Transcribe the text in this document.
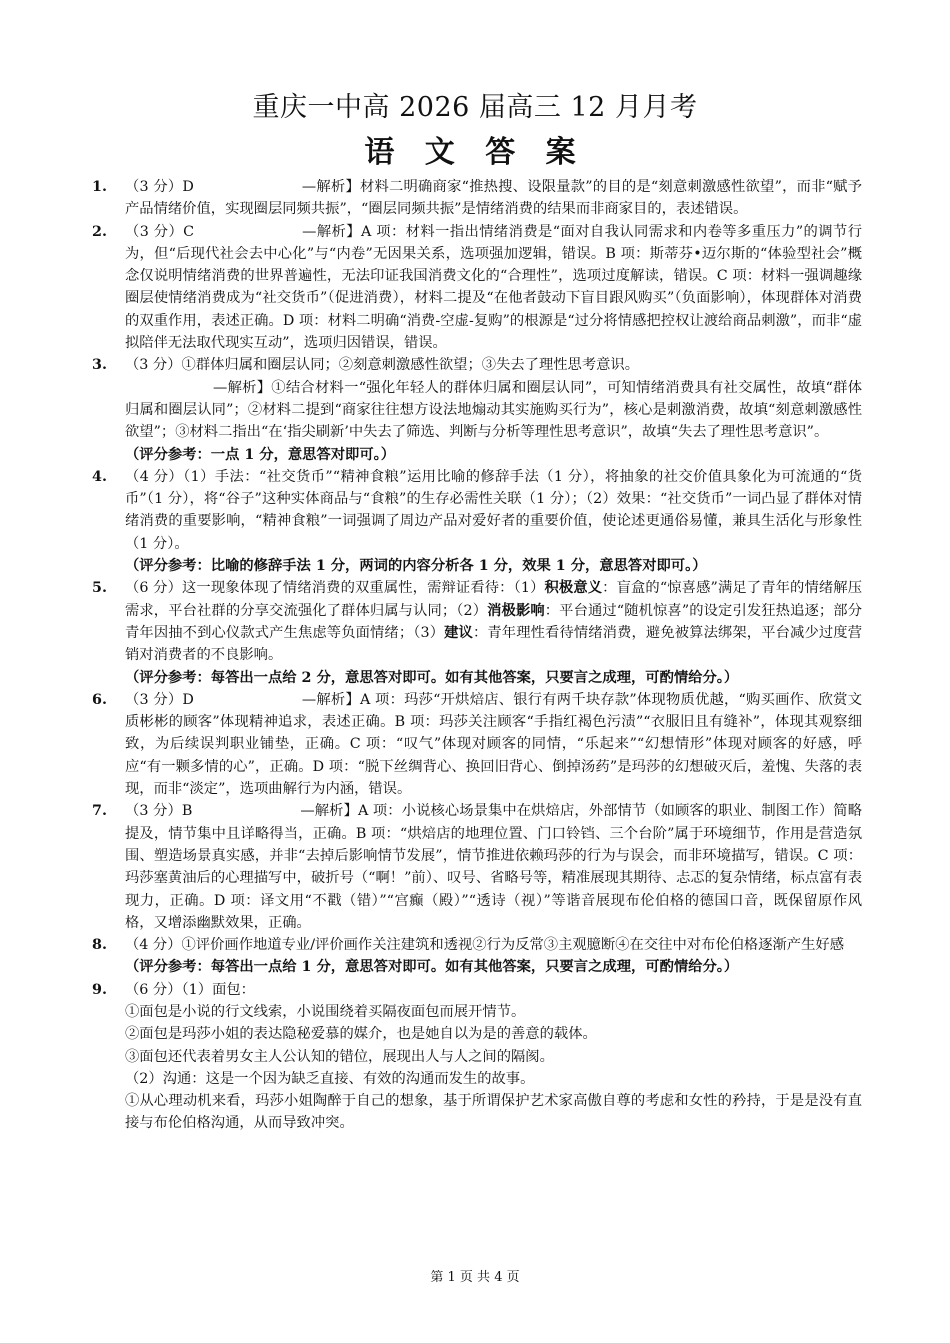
重庆一中高 2026 届高三 12 月月考
语 文 答 案
1. （3 分）D	—解析】材料二明确商家“推热搜、设限量款”的目的是“刻意刺激感性欲望”，而非“赋予产品情绪价值，实现圈层同频共振”，“圈层同频共振”是情绪消费的结果而非商家目的，表述错误。

2. （3 分）C	—解析】A 项：材料一指出情绪消费是“面对自我认同需求和内卷等多重压力”的调节行为，但“后现代社会去中心化”与“内卷”无因果关系，选项强加逻辑，错误。B 项：斯蒂芬•迈尔斯的“体验型社会”概念仅说明情绪消费的世界普遍性，无法印证我国消费文化的“合理性”，选项过度解读，错误。C 项：材料一强调趣缘圈层使情绪消费成为“社交货币”（促进消费），材料二提及“在他者鼓动下盲目跟风购买”（负面影响），体现群体对消费的双重作用，表述正确。D 项：材料二明确“消费-空虚-复购”的根源是“过分将情感把控权让渡给商品刺激”，而非“虚拟陪伴无法取代现实互动”，选项归因错误，错误。

3. （3 分）①群体归属和圈层认同；②刻意刺激感性欲望；③失去了理性思考意识。

—解析】①结合材料一“强化年轻人的群体归属和圈层认同”，可知情绪消费具有社交属性，故填“群体归属和圈层认同”；②材料二提到“商家往往想方设法地煽动其实施购买行为”，核心是刺激消费，故填“刻意刺激感性欲望”；③材料二指出“在‘指尖刷新’中失去了筛选、判断与分析等理性思考意识”，故填“失去了理性思考意识”。

（评分参考：一点 1 分，意思答对即可。）

4. （4 分）（1）手法：“社交货币”“精神食粮”运用比喻的修辞手法（1 分），将抽象的社交价值具象化为可流通的“货币”（1 分），将“谷子”这种实体商品与“食粮”的生存必需性关联（1 分）；（2）效果：“社交货币”一词凸显了群体对情绪消费的重要影响，“精神食粮”一词强调了周边产品对爱好者的重要价值，使论述更通俗易懂，兼具生活化与形象性（1 分）。

（评分参考：比喻的修辞手法 1 分，两词的内容分析各 1 分，效果 1 分，意思答对即可。）

5. （6 分）这一现象体现了情绪消费的双重属性，需辩证看待：（1）积极意义：盲盒的“惊喜感”满足了青年的情绪解压需求，平台社群的分享交流强化了群体归属与认同；（2）消极影响：平台通过“随机惊喜”的设定引发狂热追逐；部分青年因抽不到心仪款式产生焦虑等负面情绪；（3）建议：青年理性看待情绪消费，避免被算法绑架，平台减少过度营销对消费者的不良影响。

（评分参考：每答出一点给 2 分，意思答对即可。如有其他答案，只要言之成理，可酌情给分。）

6. （3 分）D	—解析】A 项：玛莎“开烘焙店、银行有两千块存款”体现物质优越，“购买画作、欣赏文质彬彬的顾客”体现精神追求，表述正确。B 项：玛莎关注顾客“手指红褐色污渍”“衣服旧且有缝补”，体现其观察细致，为后续误判职业铺垫，正确。C 项：“叹气”体现对顾客的同情，“乐起来”“幻想情形”体现对顾客的好感，呼应“有一颗多情的心”，正确。D 项：“脱下丝绸背心、换回旧背心、倒掉汤药”是玛莎的幻想破灭后，羞愧、失落的表现，而非“淡定”，选项曲解行为内涵，错误。

7. （3 分）B	—解析】A 项：小说核心场景集中在烘焙店，外部情节（如顾客的职业、制图工作）简略提及，情节集中且详略得当，正确。B 项：“烘焙店的地理位置、门口铃铛、三个台阶”属于环境细节，作用是营造氛围、塑造场景真实感，并非“去掉后影响情节发展”，情节推进依赖玛莎的行为与误会，而非环境描写，错误。C 项：玛莎塞黄油后的心理描写中，破折号（“啊！”前）、叹号、省略号等，精准展现其期待、忐忑的复杂情绪，标点富有表现力，正确。D 项：译文用“不戳（错）”“宫癫（殿）”“透诗（视）”等谐音展现布伦伯格的德国口音，既保留原作风格，又增添幽默效果，正确。

8. （4 分）①评价画作地道专业/评价画作关注建筑和透视②行为反常③主观臆断④在交往中对布伦伯格逐渐产生好感

（评分参考：每答出一点给 1 分，意思答对即可。如有其他答案，只要言之成理，可酌情给分。）

9. （6 分）（1）面包：

①面包是小说的行文线索，小说围绕着买隔夜面包而展开情节。

②面包是玛莎小姐的表达隐秘爱慕的媒介，也是她自以为是的善意的载体。

③面包还代表着男女主人公认知的错位，展现出人与人之间的隔阂。

（2）沟通：这是一个因为缺乏直接、有效的沟通而发生的故事。

①从心理动机来看，玛莎小姐陶醉于自己的想象，基于所谓保护艺术家高傲自尊的考虑和女性的矜持，于是是没有直接与布伦伯格沟通，从而导致冲突。

第 1 页 共 4 页
